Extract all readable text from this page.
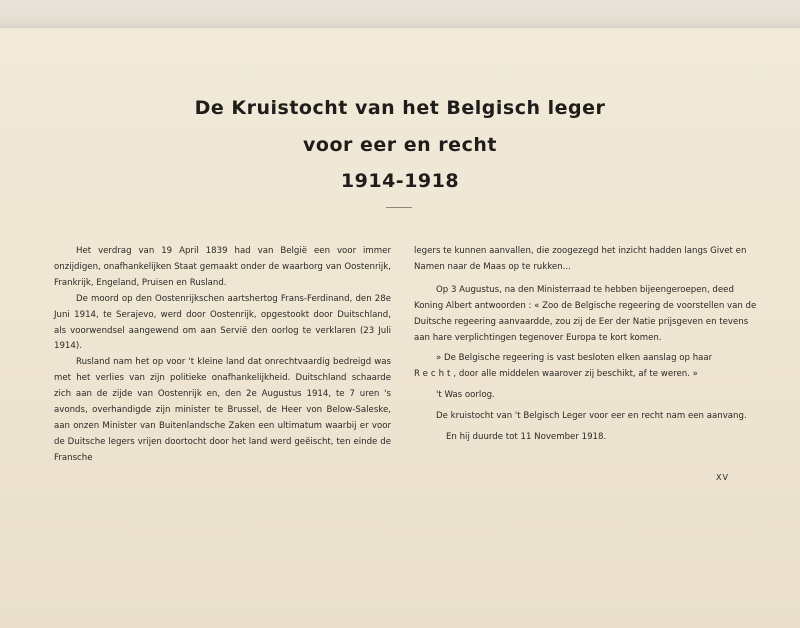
De Kruistocht van het Belgisch leger
voor eer en recht
1914-1918

Het verdrag van 19 April 1839 had van België een voor immer onzijdigen, onafhankelijken Staat gemaakt onder de waarborg van Oostenrijk, Frankrijk, Engeland, Pruisen en Rusland.

De moord op den Oostenrijkschen aartshertog Frans-Ferdinand, den 28e Juni 1914, te Serajevo, werd door Oostenrijk, opgestookt door Duitschland, als voorwendsel aangewend om aan Servië den oorlog te verklaren (23 Juli 1914).

Rusland nam het op voor 't kleine land dat onrechtvaardig bedreigd was met het verlies van zijn politieke onafhankelijkheid. Duitschland schaarde zich aan de zijde van Oostenrijk en, den 2e Augustus 1914, te 7 uren 's avonds, overhandigde zijn minister te Brussel, de Heer von Below-Saleske, aan onzen Minister van Buitenlandsche Zaken een ultimatum waarbij er voor de Duitsche legers vrijen doortocht door het land werd geëischt, ten einde de Fransche

legers te kunnen aanvallen, die zoogezegd het inzicht hadden langs Givet en Namen naar de Maas op te rukken...

Op 3 Augustus, na den Ministerraad te hebben bijeengeroepen, deed Koning Albert antwoorden : « Zoo de Belgische regeering de voorstellen van de Duitsche regeering aanvaardde, zou zij de Eer der Natie prijsgeven en tevens aan hare verplichtingen tegenover Europa te kort komen.

» De Belgische regeering is vast besloten elken aanslag op haar
Recht, door alle middelen waarover zij beschikt, af te weren. »

't Was oorlog.

De kruistocht van 't Belgisch Leger voor eer en recht nam een aanvang.

En hij duurde tot 11 November 1918.

XV
